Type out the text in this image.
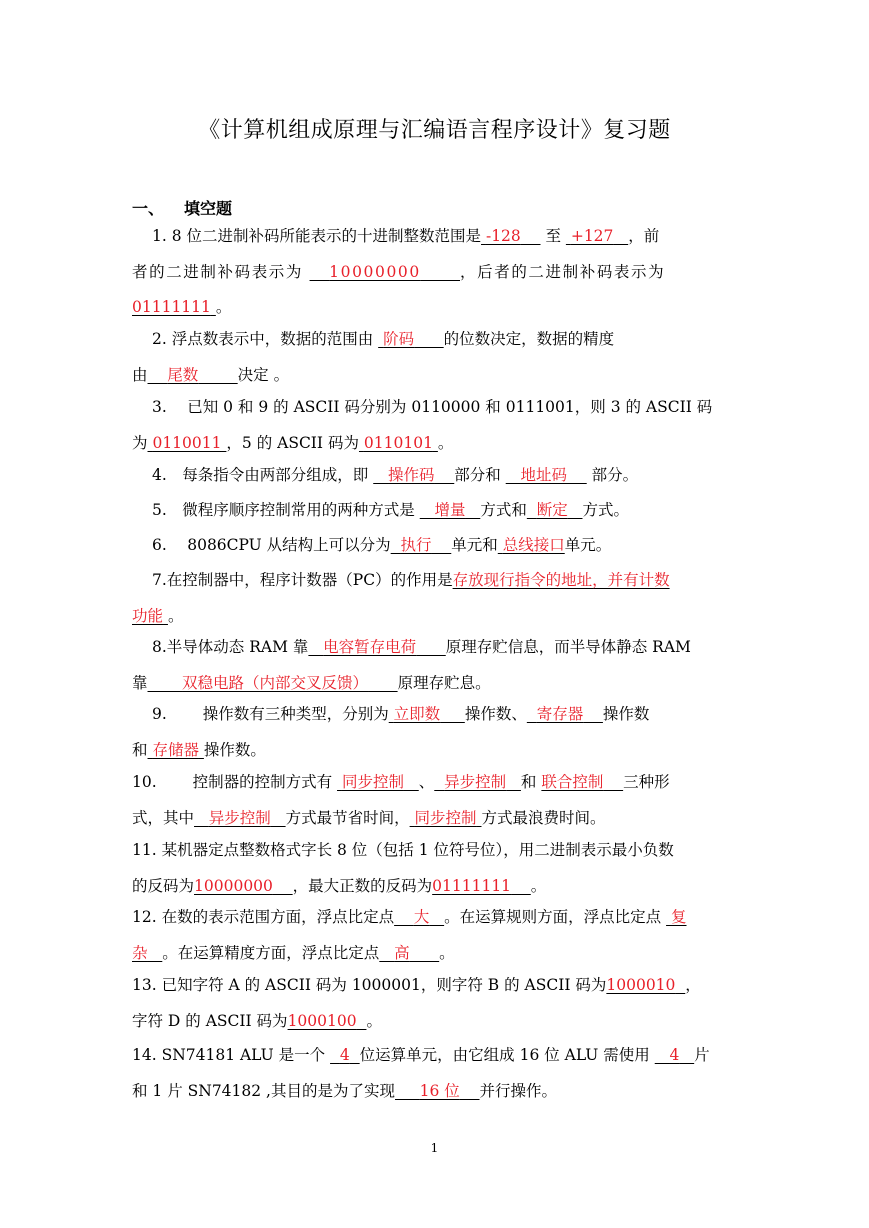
《计算机组成原理与汇编语言程序设计》复习题
一、 填空题

1. 8 位二进制补码所能表示的十进制整数范围是 -128 至 +127 ，前

者的二进制补码表示为 10000000	，后者的二进制补码表示为

01111111 。

2. 浮点数表示中，数据的范围由 阶码 的位数决定，数据的精度

由 尾数	决定 。

3.　 已知 0 和 9 的 ASCII 码分别为 0110000 和 0111001，则 3 的 ASCII 码

为 0110011 ，5 的 ASCII 码为 0110101 。

4.　每条指令由两部分组成，即 操作码 部分和 地址码 部分。

5.　微程序顺序控制常用的两种方式是 增量 方式和 断定 方式。

6.　 8086CPU 从结构上可以分为 执行 单元和 总线接口单元。

7.在控制器中，程序计数器（PC）的作用是存放现行指令的地址，并有计数

功能 。

8.半导体动态 RAM 靠 电容暂存电荷 原理存贮信息，而半导体静态 RAM

靠 双稳电路（内部交叉反馈） 原理存贮息。

9.　　 操作数有三种类型，分别为 立即数 操作数、 寄存器 操作数

和 存储器 操作数。

10.　　 控制器的控制方式有 同步控制 、 异步控制 和 联合控制 三种形

式，其中 异步控制 方式最节省时间， 同步控制 方式最浪费时间。

11. 某机器定点整数格式字长 8 位（包括 1 位符号位），用二进制表示最小负数

的反码为10000000 ，最大正数的反码为01111111 。

12. 在数的表示范围方面，浮点比定点 大 。在运算规则方面，浮点比定点 复

杂 。在运算精度方面，浮点比定点 高 。

13. 已知字符 A 的 ASCII 码为 1000001，则字符 B 的 ASCII 码为1000010 ，

字符 D 的 ASCII 码为1000100 。

14. SN74181 ALU 是一个 4 位运算单元，由它组成 16 位 ALU 需使用 4 片

和 1 片 SN74182 ,其目的是为了实现 16 位 并行操作。

1
